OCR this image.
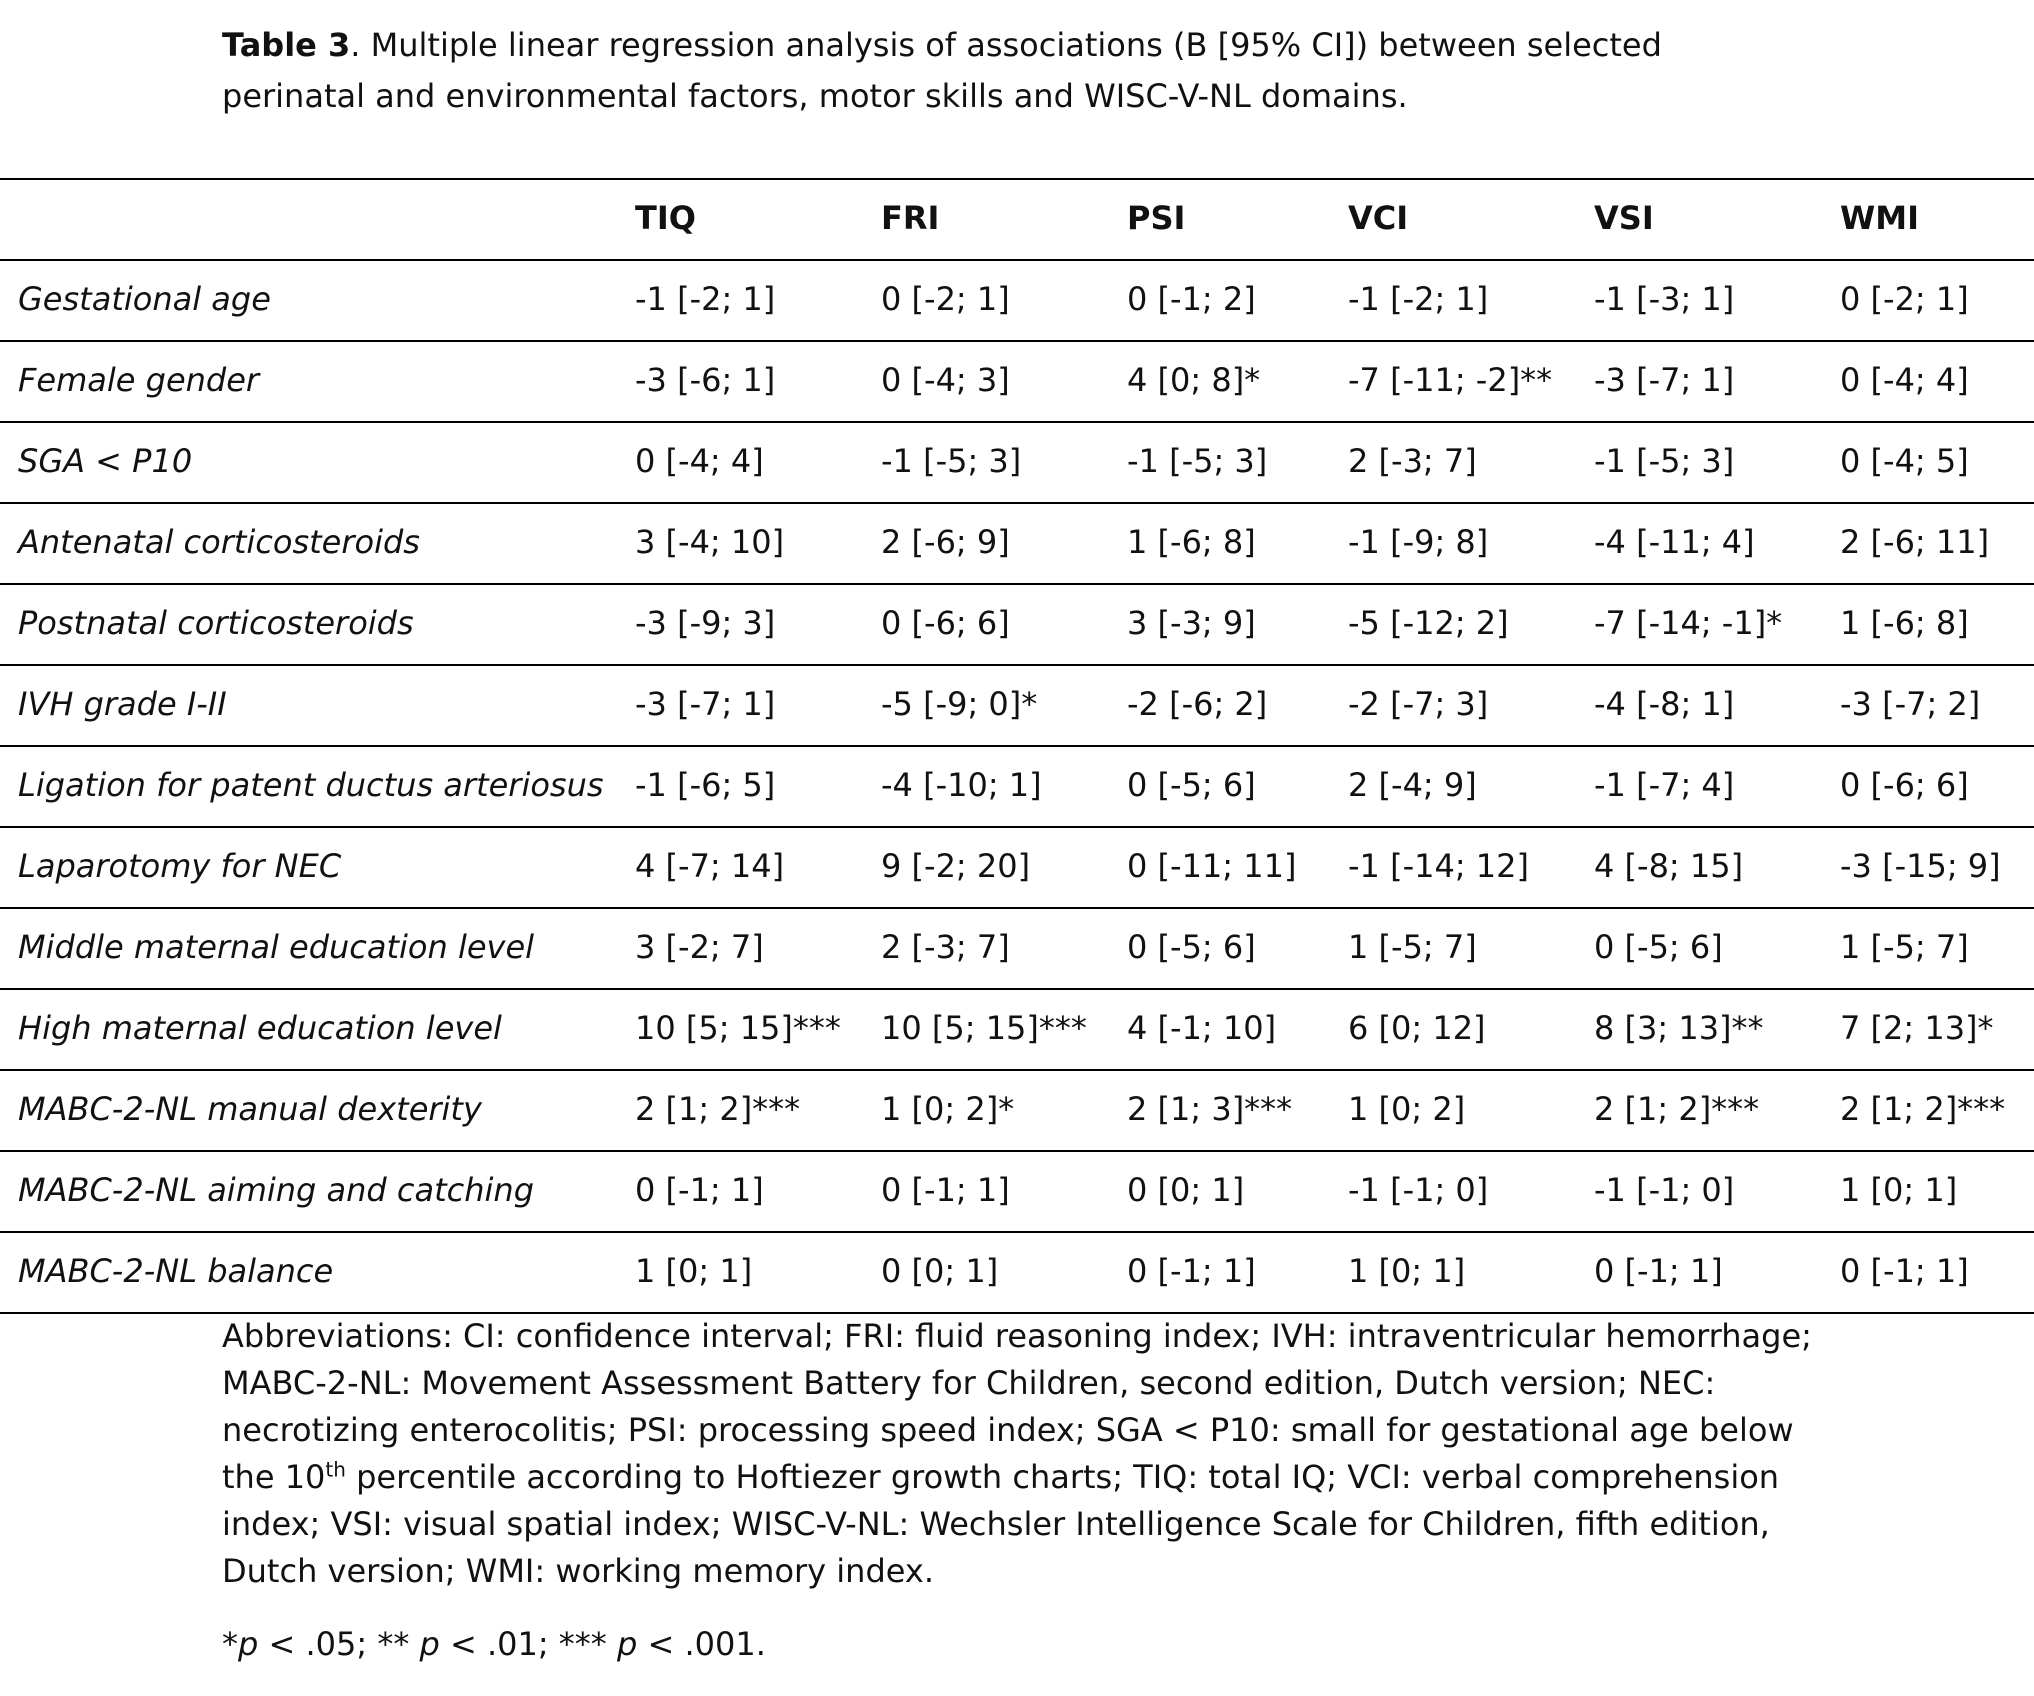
Table 3. Multiple linear regression analysis of associations (B [95% CI]) between selected perinatal and environmental factors, motor skills and WISC-V-NL domains.

	TIQ	FRI	PSI	VCI	VSI	WMI
Gestational age	-1 [-2; 1]	0 [-2; 1]	0 [-1; 2]	-1 [-2; 1]	-1 [-3; 1]	0 [-2; 1]
Female gender	-3 [-6; 1]	0 [-4; 3]	4 [0; 8]*	-7 [-11; -2]**	-3 [-7; 1]	0 [-4; 4]
SGA < P10	0 [-4; 4]	-1 [-5; 3]	-1 [-5; 3]	2 [-3; 7]	-1 [-5; 3]	0 [-4; 5]
Antenatal corticosteroids	3 [-4; 10]	2 [-6; 9]	1 [-6; 8]	-1 [-9; 8]	-4 [-11; 4]	2 [-6; 11]
Postnatal corticosteroids	-3 [-9; 3]	0 [-6; 6]	3 [-3; 9]	-5 [-12; 2]	-7 [-14; -1]*	1 [-6; 8]
IVH grade I-II	-3 [-7; 1]	-5 [-9; 0]*	-2 [-6; 2]	-2 [-7; 3]	-4 [-8; 1]	-3 [-7; 2]
Ligation for patent ductus arteriosus	-1 [-6; 5]	-4 [-10; 1]	0 [-5; 6]	2 [-4; 9]	-1 [-7; 4]	0 [-6; 6]
Laparotomy for NEC	4 [-7; 14]	9 [-2; 20]	0 [-11; 11]	-1 [-14; 12]	4 [-8; 15]	-3 [-15; 9]
Middle maternal education level	3 [-2; 7]	2 [-3; 7]	0 [-5; 6]	1 [-5; 7]	0 [-5; 6]	1 [-5; 7]
High maternal education level	10 [5; 15]***	10 [5; 15]***	4 [-1; 10]	6 [0; 12]	8 [3; 13]**	7 [2; 13]*
MABC-2-NL manual dexterity	2 [1; 2]***	1 [0; 2]*	2 [1; 3]***	1 [0; 2]	2 [1; 2]***	2 [1; 2]***
MABC-2-NL aiming and catching	0 [-1; 1]	0 [-1; 1]	0 [0; 1]	-1 [-1; 0]	-1 [-1; 0]	1 [0; 1]
MABC-2-NL balance	1 [0; 1]	0 [0; 1]	0 [-1; 1]	1 [0; 1]	0 [-1; 1]	0 [-1; 1]

Abbreviations: CI: confidence interval; FRI: fluid reasoning index; IVH: intraventricular hemorrhage; MABC-2-NL: Movement Assessment Battery for Children, second edition, Dutch version; NEC: necrotizing enterocolitis; PSI: processing speed index; SGA < P10: small for gestational age below the 10th percentile according to Hoftiezer growth charts; TIQ: total IQ; VCI: verbal comprehension index; VSI: visual spatial index; WISC-V-NL: Wechsler Intelligence Scale for Children, fifth edition, Dutch version; WMI: working memory index.

*p < .05; ** p < .01; *** p < .001.
